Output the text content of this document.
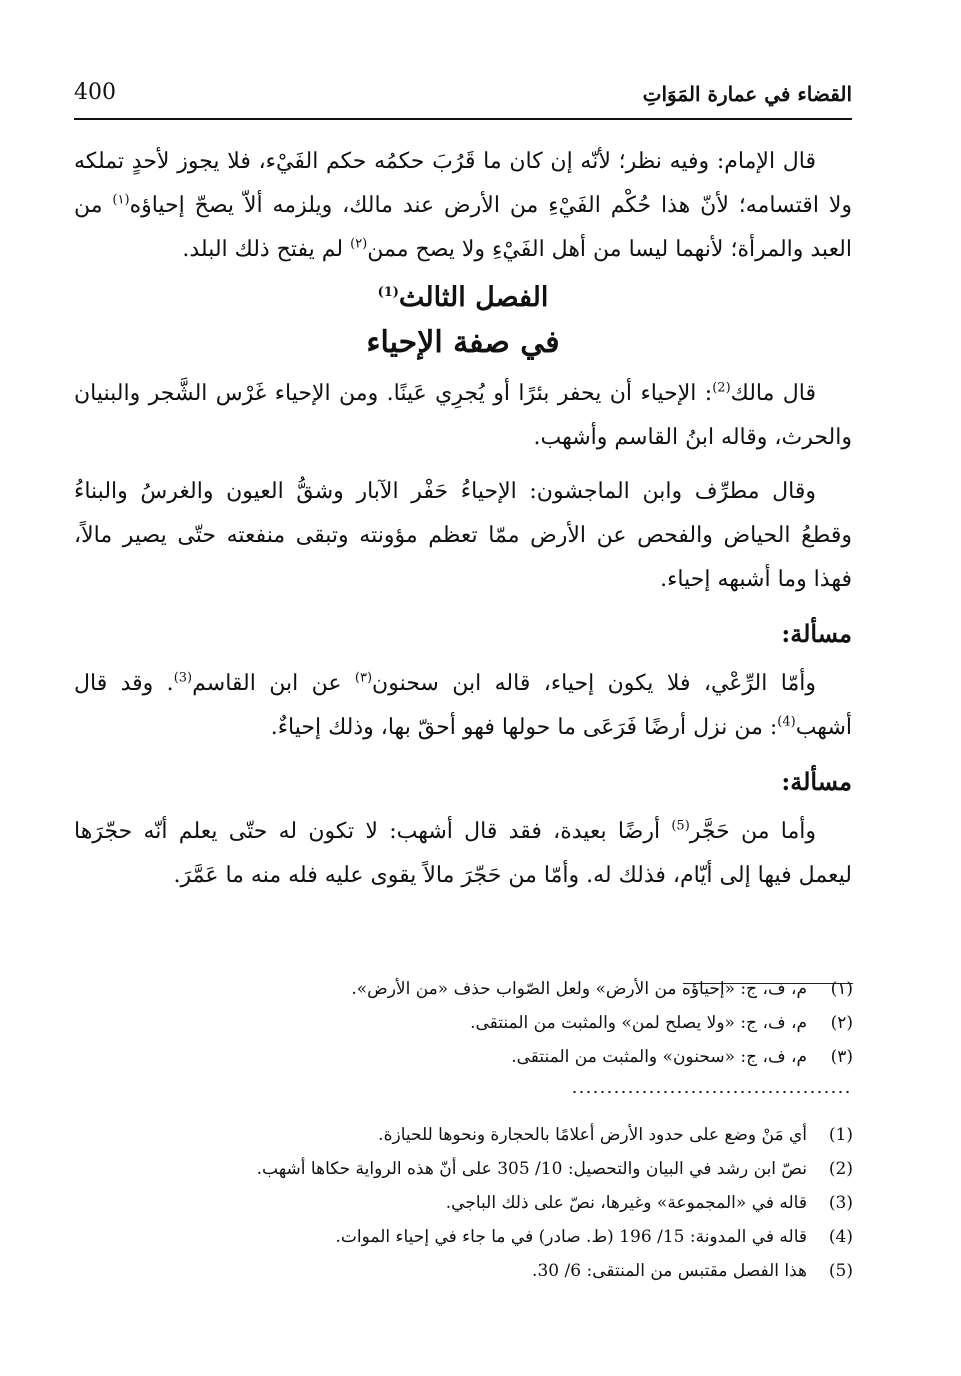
القضاء في عمارة المَوَاتِ
400

قال الإمام: وفيه نظر؛ لأنّه إن كان ما قَرُبَ حكمُه حكم الفَيْء، فلا يجوز لأحدٍ تملكه ولا اقتسامه؛ لأنّ هذا حُكْم الفَيْءِ من الأرض عند مالك، ويلزمه ألاّ يصحّ إحياؤه$^{(١)}$ من العبد والمرأة؛ لأنهما ليسا من أهل الفَيْءِ ولا يصح ممن$^{(٢)}$ لم يفتح ذلك البلد.

الفصل الثالث$^{(1)}$

في صفة الإحياء

قال مالك$^{(2)}$: الإحياء أن يحفر بئرًا أو يُجرِي عَينًا. ومن الإحياء غَرْس الشَّجر والبنيان والحرث، وقاله ابنُ القاسم وأشهب.

وقال مطرِّف وابن الماجشون: الإحياءُ حَفْر الآبار وشقُّ العيون والغرسُ والبناءُ وقطعُ الحياض والفحص عن الأرض ممّا تعظم مؤونته وتبقى منفعته حتّى يصير مالاً، فهذا وما أشبهه إحياء.

مسألة:

وأمّا الرِّعْي، فلا يكون إحياء، قاله ابن سحنون$^{(٣)}$ عن ابن القاسم$^{(3)}$. وقد قال أشهب$^{(4)}$: من نزل أرضًا فَرَعَى ما حولها فهو أحقّ بها، وذلك إحياءٌ.

مسألة:

وأما من حَجَّر$^{(5)}$ أرضًا بعيدة، فقد قال أشهب: لا تكون له حتّى يعلم أنّه حجّرَها ليعمل فيها إلى أيّام، فذلك له. وأمّا من حَجّرَ مالاً يقوى عليه فله منه ما عَمَّرَ.

(١)
م، ف، ج: «إحياؤه من الأرض» ولعل الصّواب حذف «من الأرض».
(٢)
م، ف، ج: «ولا يصلح لمن» والمثبت من المنتقى.
(٣)
م، ف، ج: «سحنون» والمثبت من المنتقى.
(1)
أي مَنْ وضع على حدود الأرض أعلامًا بالحجارة ونحوها للحيازة.
(2)
نصّ ابن رشد في البيان والتحصيل: 10/ 305 على أنّ هذه الرواية حكاها أشهب.
(3)
قاله في «المجموعة» وغيرها، نصّ على ذلك الباجي.
(4)
قاله في المدونة: 15/ 196 (ط. صادر) في ما جاء في إحياء الموات.
(5)
هذا الفصل مقتبس من المنتقى: 6/ 30.
